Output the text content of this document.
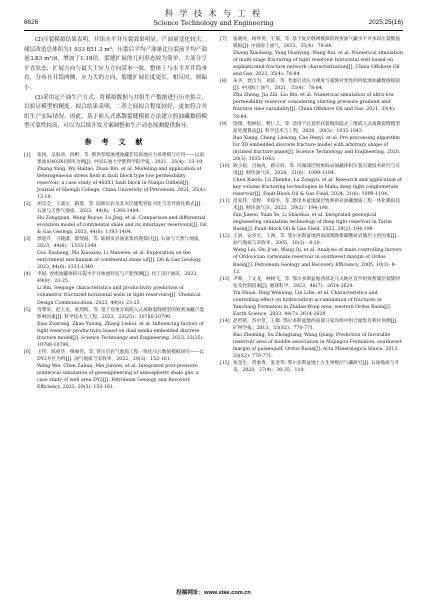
科 学 技 术 与 工 程
Science Technology and Engineering
6626	2025,25(16)

(2)压裂模拟结果表明，井组水平井压裂效果明显，产油量变化较大。储层改造总体积为1 933 851.3 m³，压裂后平均产油量比压裂前平均产油量3.83 m³/d，增加了1.18倍。裂缝扩展的几何形态较为简单，大部分呈平直状态，扩展方向与最大主应力方向基本一致，整体上与水平井井筒垂直，分布在井筒两侧，应力大的方向，裂缝扩展长度更长，相反时，则偏小。

(3)采用定产油生产方式，将模拟数据与井组生产数据进行历史拟合，以验证模型的精度。拟合结果表明，二者之间拟合程度较好，更加符合井组生产实际情况。因此，基于嵌入式离散裂缝模拟方法建立的油藏数值模型可靠性较高，可以为后续开发方案调整和生产动态预测提供指导。

参 考 文 献
[1] 张扬，吴海涛，段彬，等. 断块型低渗透油藏非均质地应力场建模与应用——以南堡油田403X1断块为例[J]. 中国石油大学胜利学院学报，2021，35(4)：13-19.
Zhang Yang, Wu Haitao, Duan Bin, et al. Modeling and application of heterogeneous stress field in fault block type low permeability reservoir: a case study of 403X1 fault block in Nanpu Oilfield[J]. Journal of Shengli College, China University of Petroleum, 2021, 35(4): 13-19.
[2] 胡宗全，王濡岳，路菁，等. 陆相页岩及其夹层储集特征对比与差异演化模式[J]. 石油与天然气地质，2023，44(6)：1393-1404.
Hu Zongquan, Wang Ruyue, Lu Jing, et al. Comparison and differential evolution model of continental shale and its interlayer reservoirs[J]. Oil & Gas Geology, 2023, 44(6): 1393-1404.
[3] 郭旭升，马晓潇，黎茂稳，等. 陆相页岩油富集机理探讨[J]. 石油与天然气地质，2023，44(6)：1333-1349.
Guo Xusheng, Ma Xiaoxiao, Li Maowen, et al. Exploration on the enrichment mechanism of continental shale oil[J]. Oil & Gas Geology, 2023, 44(6): 1333-1349.
[4] 李斌. 致密油藏体积压裂水平井渗流特征与产能预测[J]. 化工设计通讯，2023，49(8)：23-25.
Li Bin. Seepage characteristics and productivity prediction of volumetric fractured horizontal wells in tight reservoirs[J]. Chemical Design Communication, 2023, 49(8): 23-25.
[5] 肖尊荣，赵玉龙，张烈辉，等. 基于双重介质嵌入式离散裂缝模型的致密油藏产能影响因素[J]. 科学技术与工程，2023，23(25)：10780-10790.
Xiao Zunrong, Zhao Yulong, Zhang Liehui, et al. Influencing factors of tight reservoir productivity based on dual media embedded discrete fracture model[J]. Science Technology and Engineering, 2023, 23(25): 10780-10790.
[6] 王伟，陈祖华，梅俊伟，等. 常压页岩气地质工程一体化压后数值模拟研究——以DY2井区为例[J]. 油气地质与采收率，2022，29(3)：153-161.
Wang Wei, Chen Zuhua, Mei Junwei, et al. Integrated post-pressure numerical simulation of geoengineering of atmospheric shale gas: a case study of well area DY2[J]. Petroleum Geology and Recovery Efficiency, 2022, 29(3): 153-161.
[7] 张晓亮，杨怀英，王瑞，等. 基于复杂缝网模拟的致密油气藏水平井多段压裂数值模拟[J]. 中国海上油气，2023，35(4)：78-84.
Zhang Xiaoliang, Yang Huaiying, Wang Rui, et al. Numerical simulation of multi-stage fracturing of tight reservoir horizontal well based on sophisticated fracture network characterization[J]. China Offshore Oil and Gas, 2023, 35(4): 78-84.
[8] 朱争，贾自力，刘滨，等. 考虑启动压力梯度与裂缝对变性的特低渗油藏数值模拟[J]. 中国海上油气，2021，33(4)：78-84.
Zhu Zheng, Jia Zili, Liu Bin, et al. Numerical simulation of ultra-low permeability reservoir considering starting pressure gradient and fracture time variability[J]. China Offshore Oil and Gas, 2021, 33(4): 78-84.
[9] 饶翔，程林松，曹仁义，等. 适用于任意形状裂缝的隐式三维嵌入式离散裂缝模型前处理算法[J]. 科学技术与工程，2020，20(3)：1035-1043.
Rao Xiang, Cheng Linsong, Cao Renyi, et al. Pre-processing algorithm for 3D embedded discrete fracture model with arbitrary shape of inclined fracture plane[J]. Science Technology and Engineering, 2020, 20(3): 1035-1043.
[10] 陈小稳，吕振虎，路宗羽，等. 玛湖深层致密砾岩油藏体积压裂关键技术研究与应用[J]. 断块油气田，2024，31(6)：1099-1104.
Chen Xiaolu, Lü Zhenhu, Lu Zongyu, et al. Research and application of key volume fracturing technologies in Mahu deep tight conglomerate reservoir[J]. Fault-Block Oil & Gas Field, 2024, 31(6): 1099-1104.
[11] 范家伟，袁野，李琼华，等. 塔里木盆地深层致密砂岩油藏地质工程一体化模拟技术[J]. 断块油气田，2022，29(2)：194-198.
Fan Jiawei, Yuan Ye, Li Shaohua. et al. Integrated geological engineering simulation technology of deep tight reservoir in Tarim Basin[J]. Fault-Block Oil & Gas Field, 2022, 29(2): 194-198.
[12] 王晨，安巫宏，王洲，等. 鄂尔多斯盆地西南部奥陶系碳酸盐岩储层主控因素[J]. 油气地质与采收率，2005，10(3)：8-10.
Wang Lei, Shi Ji'an, Wang Qi, et al. Analysis of main controlling factors of Ordovician carbonate reservoir in southwest margin of Ordos Basin[J]. Petroleum Geology and Recovery Efficiency, 2005, 10(3): 8-12.
[13] 尹帅，丁文龙，林树飞，等. 鄂尔多斯盆地西部北马关地区直罗组致密储层裂缝特征及控制因素[J]. 地球科学，2023，48(7)：2614-2629.
Yin Shuai, Ding Wenlong, Lin Lifei, et al. Characteristics and controlling effect on hydrocarbon accumulation of fractures in Yanchang Formation in Zhidan-Wuqi area, western Ordos Basin[J]. Earth Science, 2023, 48(7): 2614-2629.
[14] 赵哲铭，苏中堂，王薇. 鄂尔多斯盆地西南部马家沟组中组合储集有利区预测[J]. 矿物学报，2013，33(S2)：770-771.
Bao Zheming, Su Zhongtang, Wang Qiang. Prediction of favorable reservoir area of middle association in Majiagou Formation, southwest margin of palaeogulf, Ordos Basin[J]. Acta Mineralogica Sinica, 2013, 33(S2): 770-771.
[15] 张金生，常象春，张金华. 鄂尔多斯盆地上古生界煤层气藏研究[J]. 石油地质与开采，2020，27(4)：30-35，110-
投稿网址：www.stae.com.cn
